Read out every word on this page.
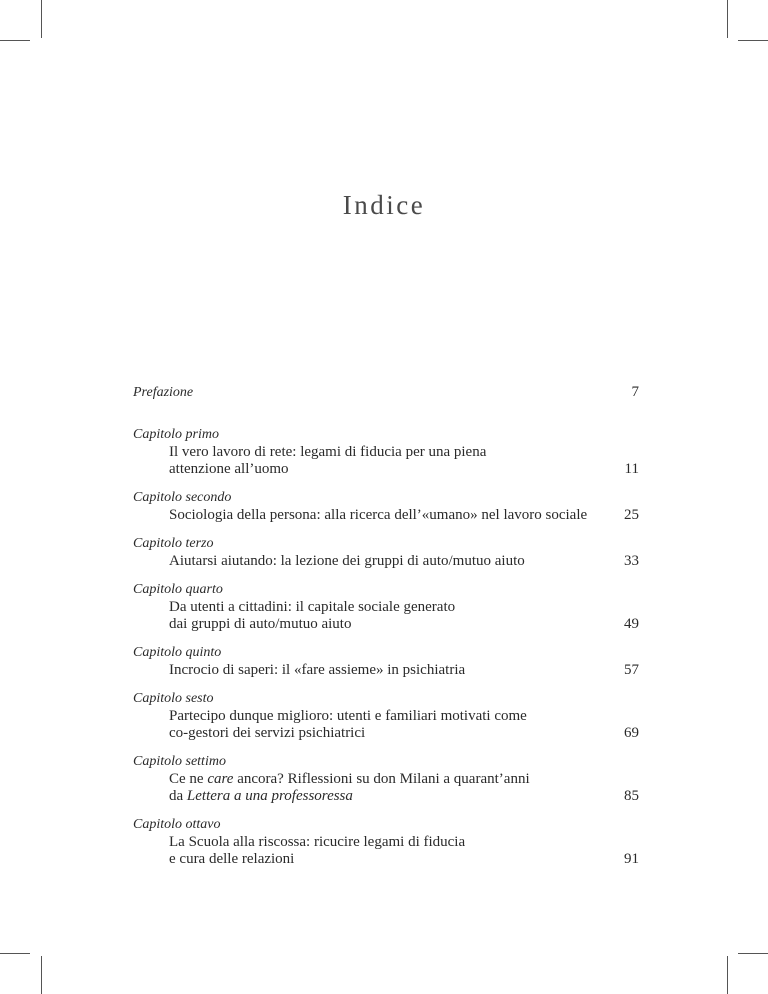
Indice
Prefazione	7
Capitolo primo
Il vero lavoro di rete: legami di fiducia per una piena
attenzione all’uomo	11
Capitolo secondo
Sociologia della persona: alla ricerca dell’«umano» nel lavoro sociale 25
Capitolo terzo
Aiutarsi aiutando: la lezione dei gruppi di auto/mutuo aiuto	33
Capitolo quarto
Da utenti a cittadini: il capitale sociale generato
dai gruppi di auto/mutuo aiuto	49
Capitolo quinto
Incrocio di saperi: il «fare assieme» in psichiatria	57
Capitolo sesto
Partecipo dunque miglioro: utenti e familiari motivati come
co-gestori dei servizi psichiatrici	69
Capitolo settimo
Ce ne care ancora? Riflessioni su don Milani a quarant’anni
da Lettera a una professoressa	85
Capitolo ottavo
La Scuola alla riscossa: ricucire legami di fiducia
e cura delle relazioni	91
